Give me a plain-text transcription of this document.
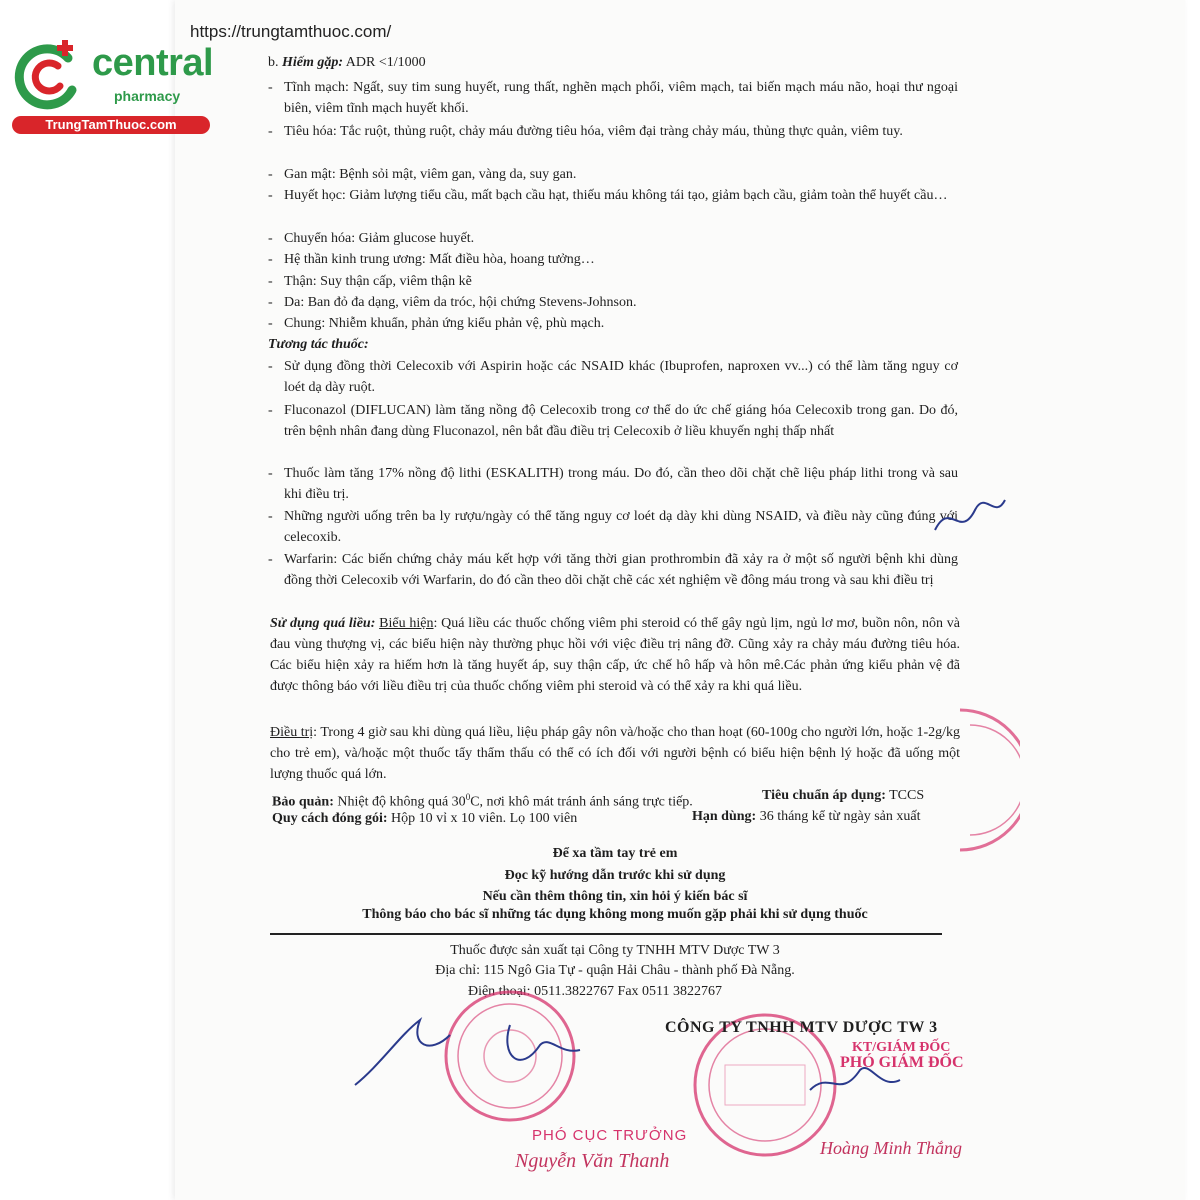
https://trungtamthuoc.com/
central
pharmacy
TrungTamThuoc.com
b. Hiếm gặp: ADR <1/1000
- Tĩnh mạch: Ngất, suy tim sung huyết, rung thất, nghẽn mạch phổi, viêm mạch, tai biến mạch máu não, hoại thư ngoại biên, viêm tĩnh mạch huyết khối.
- Tiêu hóa: Tắc ruột, thủng ruột, chảy máu đường tiêu hóa, viêm đại tràng chảy máu, thủng thực quản, viêm tuy.
- Gan mật: Bệnh sỏi mật, viêm gan, vàng da, suy gan.
- Huyết học: Giảm lượng tiểu cầu, mất bạch cầu hạt, thiếu máu không tái tạo, giảm bạch cầu, giảm toàn thể huyết cầu…
- Chuyển hóa: Giảm glucose huyết.
- Hệ thần kinh trung ương: Mất điều hòa, hoang tưởng…
- Thận: Suy thận cấp, viêm thận kẽ
- Da: Ban đỏ đa dạng, viêm da tróc, hội chứng Stevens-Johnson.
- Chung: Nhiễm khuẩn, phản ứng kiểu phản vệ, phù mạch.
Tương tác thuốc:
- Sử dụng đồng thời Celecoxib với Aspirin hoặc các NSAID khác (Ibuprofen, naproxen vv...) có thể làm tăng nguy cơ loét dạ dày ruột.
- Fluconazol (DIFLUCAN) làm tăng nồng độ Celecoxib trong cơ thể do ức chế giáng hóa Celecoxib trong gan. Do đó, trên bệnh nhân đang dùng Fluconazol, nên bắt đầu điều trị Celecoxib ở liều khuyến nghị thấp nhất
- Thuốc làm tăng 17% nồng độ lithi (ESKALITH) trong máu. Do đó, cần theo dõi chặt chẽ liệu pháp lithi trong và sau khi điều trị.
- Những người uống trên ba ly rượu/ngày có thể tăng nguy cơ loét dạ dày khi dùng NSAID, và điều này cũng đúng với celecoxib.
- Warfarin: Các biến chứng chảy máu kết hợp với tăng thời gian prothrombin đã xảy ra ở một số người bệnh khi dùng đồng thời Celecoxib với Warfarin, do đó cần theo dõi chặt chẽ các xét nghiệm về đông máu trong và sau khi điều trị
Sử dụng quá liều: Biểu hiện: Quá liều các thuốc chống viêm phi steroid có thể gây ngủ lịm, ngủ lơ mơ, buồn nôn, nôn và đau vùng thượng vị, các biểu hiện này thường phục hồi với việc điều trị nâng đỡ. Cũng xảy ra chảy máu đường tiêu hóa. Các biểu hiện xảy ra hiếm hơn là tăng huyết áp, suy thận cấp, ức chế hô hấp và hôn mê.Các phản ứng kiểu phản vệ đã được thông báo với liều điều trị của thuốc chống viêm phi steroid và có thể xảy ra khi quá liều.
Điều trị: Trong 4 giờ sau khi dùng quá liều, liệu pháp gây nôn và/hoặc cho than hoạt (60-100g cho người lớn, hoặc 1-2g/kg cho trẻ em), và/hoặc một thuốc tẩy thẩm thấu có thể có ích đối với người bệnh có biểu hiện bệnh lý hoặc đã uống một lượng thuốc quá lớn.
Bảo quản: Nhiệt độ không quá $30^0C$, nơi khô mát tránh ánh sáng trực tiếp.	Tiêu chuẩn áp dụng: TCCS
Quy cách đóng gói: Hộp 10 vỉ x 10 viên. Lọ 100 viên	Hạn dùng: 36 tháng kể từ ngày sản xuất
Để xa tầm tay trẻ em
Đọc kỹ hướng dẫn trước khi sử dụng
Nếu cần thêm thông tin, xin hỏi ý kiến bác sĩ
Thông báo cho bác sĩ những tác dụng không mong muốn gặp phải khi sử dụng thuốc
Thuốc được sản xuất tại Công ty TNHH MTV Dược TW 3
Địa chỉ: 115 Ngô Gia Tự - quận Hải Châu - thành phố Đà Nẵng.
Điện thoại: 0511.3822767 Fax 0511 3822767
CÔNG TY TNHH MTV DƯỢC TW 3
KT/GIÁM ĐỐC
PHÓ GIÁM ĐỐC
PHÓ CỤC TRƯỞNG
Nguyễn Văn Thanh
Hoàng Minh Thắng
